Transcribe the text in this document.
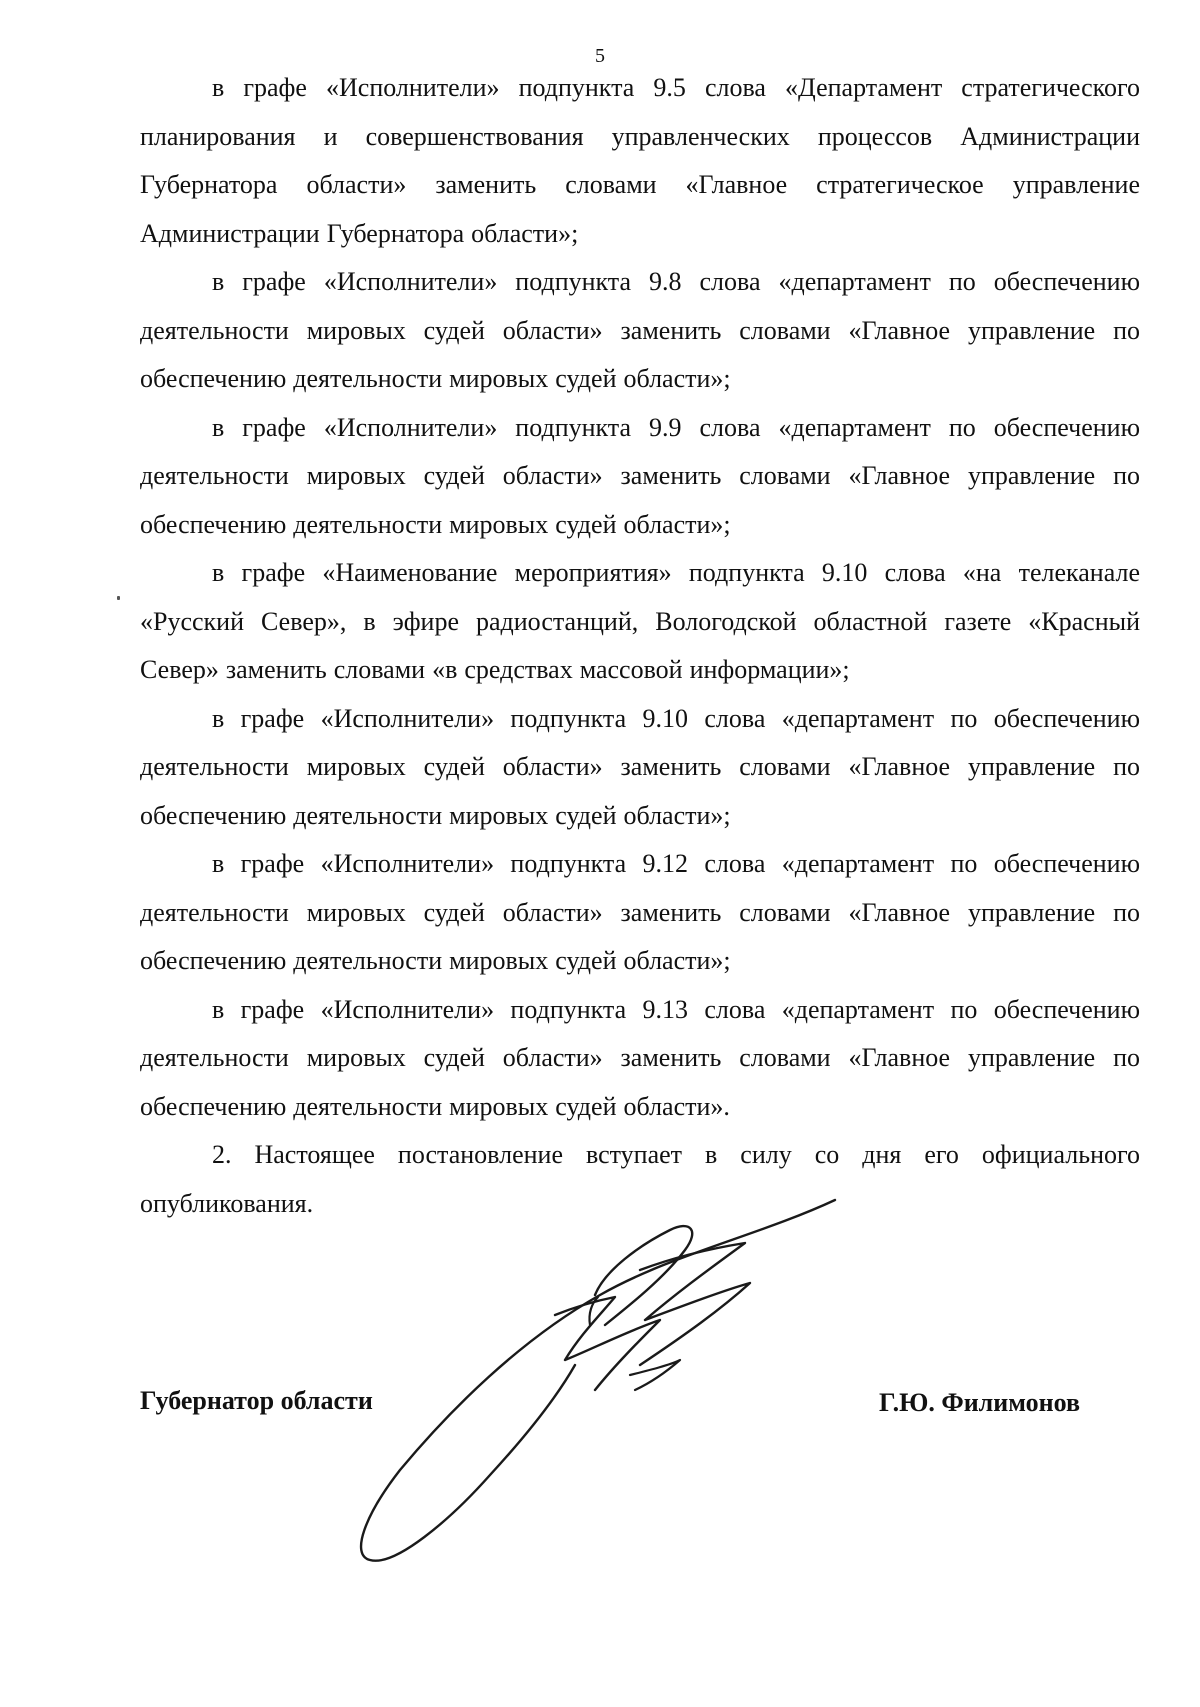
5

в графе «Исполнители» подпункта 9.5 слова «Департамент стратегического планирования и совершенствования управленческих процессов Администрации Губернатора области» заменить словами «Главное стратегическое управление Администрации Губернатора области»;

в графе «Исполнители» подпункта 9.8 слова «департамент по обеспечению деятельности мировых судей области» заменить словами «Главное управление по обеспечению деятельности мировых судей области»;

в графе «Исполнители» подпункта 9.9 слова «департамент по обеспечению деятельности мировых судей области» заменить словами «Главное управление по обеспечению деятельности мировых судей области»;

в графе «Наименование мероприятия» подпункта 9.10 слова «на телеканале «Русский Север», в эфире радиостанций, Вологодской областной газете «Красный Север» заменить словами «в средствах массовой информации»;

в графе «Исполнители» подпункта 9.10 слова «департамент по обеспечению деятельности мировых судей области» заменить словами «Главное управление по обеспечению деятельности мировых судей области»;

в графе «Исполнители» подпункта 9.12 слова «департамент по обеспечению деятельности мировых судей области» заменить словами «Главное управление по обеспечению деятельности мировых судей области»;

в графе «Исполнители» подпункта 9.13 слова «департамент по обеспечению деятельности мировых судей области» заменить словами «Главное управление по обеспечению деятельности мировых судей области».

2. Настоящее постановление вступает в силу со дня его официального опубликования.

Губернатор области	Г.Ю. Филимонов
